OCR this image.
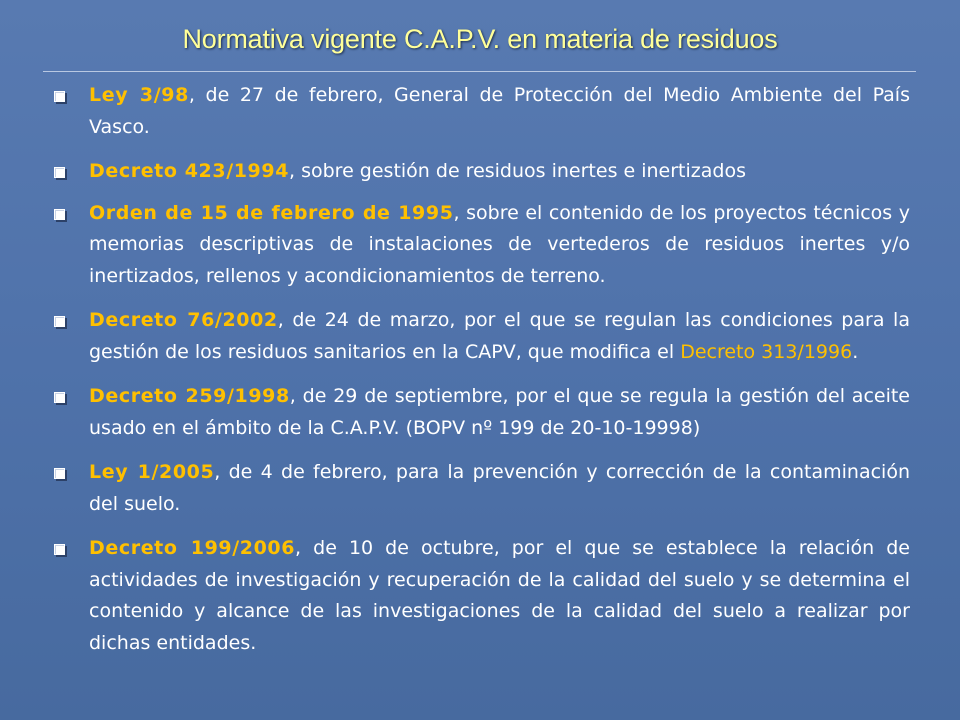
Normativa vigente C.A.P.V. en materia de residuos
Ley 3/98, de 27 de febrero, General de Protección del Medio Ambiente del País Vasco.
Decreto 423/1994, sobre gestión de residuos inertes e inertizados
Orden de 15 de febrero de 1995, sobre el contenido de los proyectos técnicos y memorias descriptivas de instalaciones de vertederos de residuos inertes y/o inertizados, rellenos y acondicionamientos de terreno.
Decreto 76/2002, de 24 de marzo, por el que se regulan las condiciones para la gestión de los residuos sanitarios en la CAPV, que modifica el Decreto 313/1996.
Decreto 259/1998, de 29 de septiembre, por el que se regula la gestión del aceite usado en el ámbito de la C.A.P.V. (BOPV nº 199 de 20-10-19998)
Ley 1/2005, de 4 de febrero, para la prevención y corrección de la contaminación del suelo.
Decreto 199/2006, de 10 de octubre, por el que se establece la relación de actividades de investigación y recuperación de la calidad del suelo y se determina el contenido y alcance de las investigaciones de la calidad del suelo a realizar por dichas entidades.
